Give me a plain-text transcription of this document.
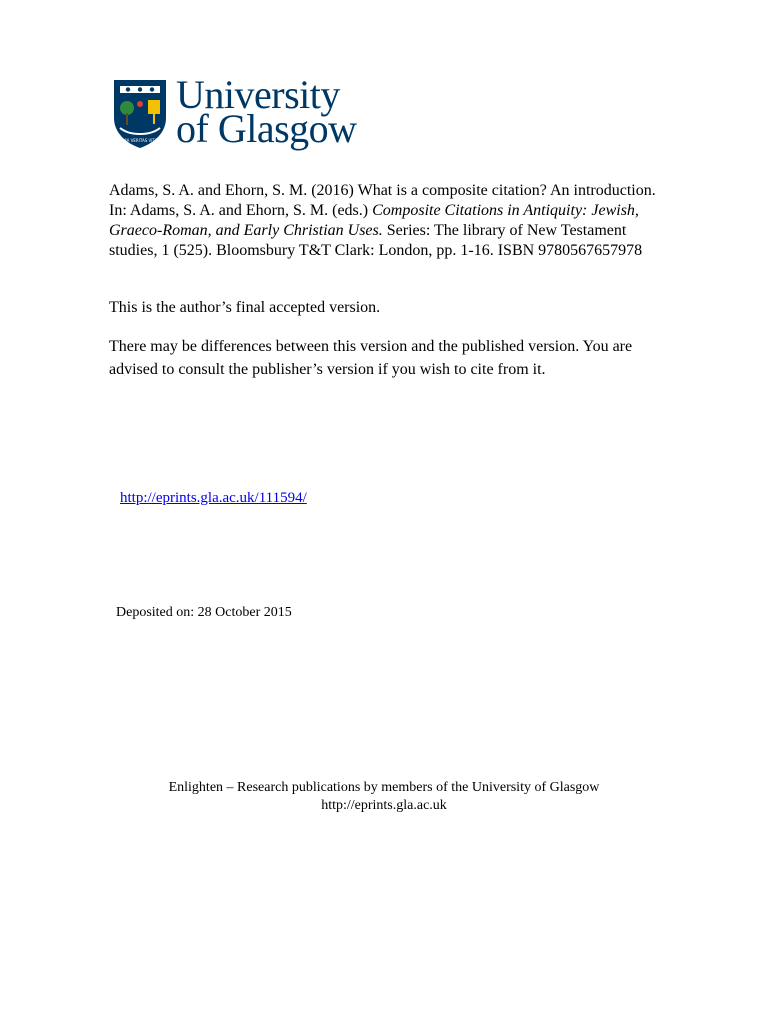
VIA VERITAS VITA
University
of Glasgow
Adams, S. A. and Ehorn, S. M. (2016) What is a composite citation? An introduction. In: Adams, S. A. and Ehorn, S. M. (eds.) Composite Citations in Antiquity: Jewish, Graeco-Roman, and Early Christian Uses. Series: The library of New Testament studies, 1 (525). Bloomsbury T&T Clark: London, pp. 1-16. ISBN 9780567657978
This is the author’s final accepted version.
There may be differences between this version and the published version. You are advised to consult the publisher’s version if you wish to cite from it.
http://eprints.gla.ac.uk/111594/
Deposited on: 28 October 2015
Enlighten – Research publications by members of the University of Glasgow
http://eprints.gla.ac.uk
